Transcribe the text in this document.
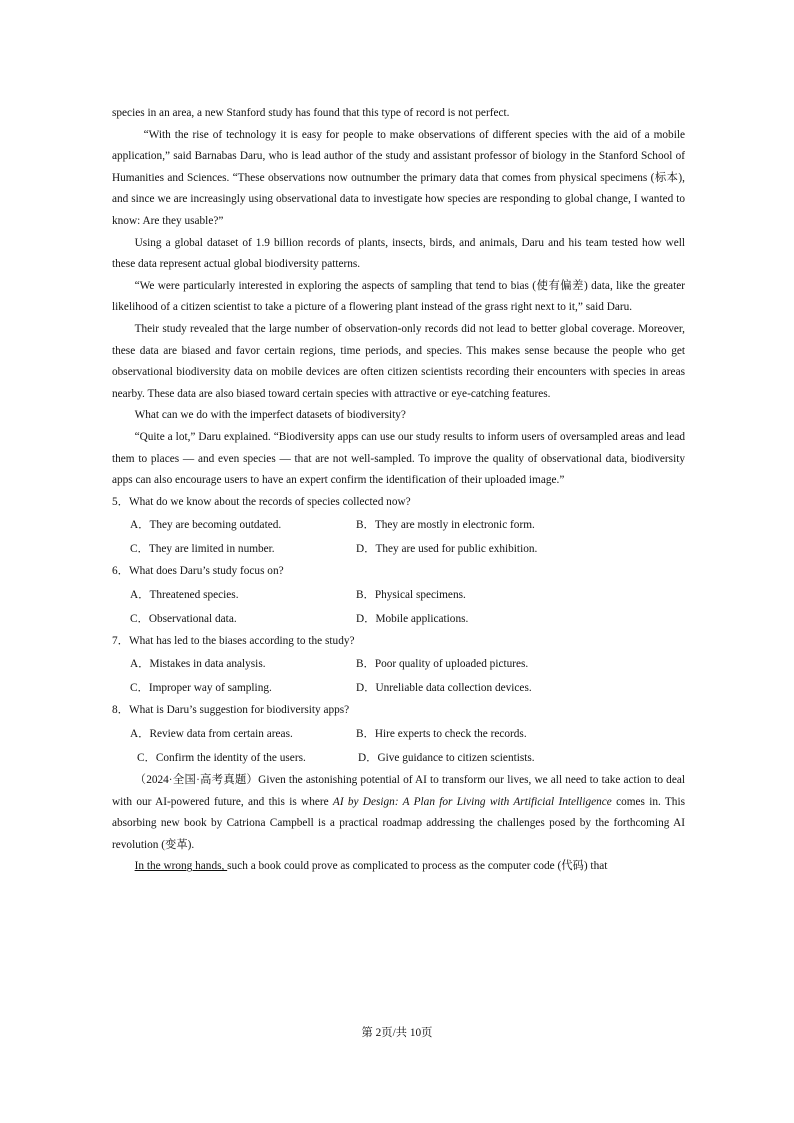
species in an area, a new Stanford study has found that this type of record is not perfect.

“With the rise of technology it is easy for people to make observations of different species with the aid of a mobile application,” said Barnabas Daru, who is lead author of the study and assistant professor of biology in the Stanford School of Humanities and Sciences. “These observations now outnumber the primary data that comes from physical specimens (标本), and since we are increasingly using observational data to investigate how species are responding to global change, I wanted to know: Are they usable?”

Using a global dataset of 1.9 billion records of plants, insects, birds, and animals, Daru and his team tested how well these data represent actual global biodiversity patterns.

“We were particularly interested in exploring the aspects of sampling that tend to bias (使有偏差) data, like the greater likelihood of a citizen scientist to take a picture of a flowering plant instead of the grass right next to it,” said Daru.

Their study revealed that the large number of observation-only records did not lead to better global coverage. Moreover, these data are biased and favor certain regions, time periods, and species. This makes sense because the people who get observational biodiversity data on mobile devices are often citizen scientists recording their encounters with species in areas nearby. These data are also biased toward certain species with attractive or eye-catching features.

What can we do with the imperfect datasets of biodiversity?

“Quite a lot,” Daru explained. “Biodiversity apps can use our study results to inform users of oversampled areas and lead them to places — and even species — that are not well-sampled. To improve the quality of observational data, biodiversity apps can also encourage users to have an expert confirm the identification of their uploaded image.”

5．What do we know about the records of species collected now?

A．They are becoming outdated.	B．They are mostly in electronic form.
C．They are limited in number.	D．They are used for public exhibition.

6．What does Daru’s study focus on?

A．Threatened species.	B．Physical specimens.
C．Observational data.	D．Mobile applications.

7．What has led to the biases according to the study?

A．Mistakes in data analysis.	B．Poor quality of uploaded pictures.
C．Improper way of sampling.	D．Unreliable data collection devices.

8．What is Daru’s suggestion for biodiversity apps?

A．Review data from certain areas.	B．Hire experts to check the records.
C．Confirm the identity of the users.	D．Give guidance to citizen scientists.

（2024·全国·高考真题）Given the astonishing potential of AI to transform our lives, we all need to take action to deal with our AI-powered future, and this is where AI by Design: A Plan for Living with Artificial Intelligence comes in. This absorbing new book by Catriona Campbell is a practical roadmap addressing the challenges posed by the forthcoming AI revolution (变革).

In the wrong hands, such a book could prove as complicated to process as the computer code (代码) that

第 2页/共 10页
